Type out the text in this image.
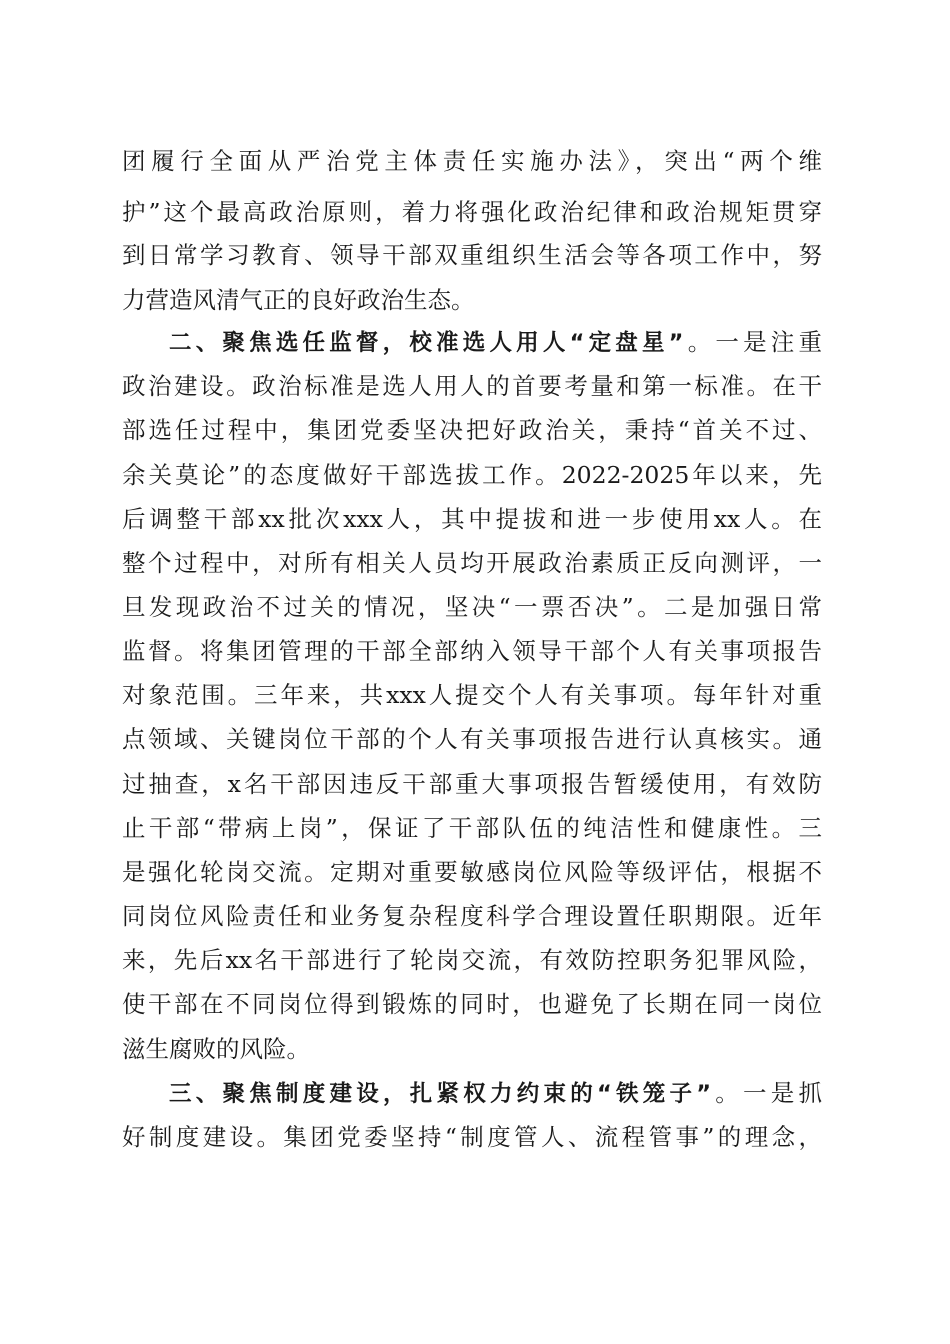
团履行全面从严治党主体责任实施办法》，突出“两个维
护”这个最高政治原则，着力将强化政治纪律和政治规矩贯穿
到日常学习教育、领导干部双重组织生活会等各项工作中，努
力营造风清气正的良好政治生态。
二、聚焦选任监督，校准选人用人“定盘星”。一是注重
政治建设。政治标准是选人用人的首要考量和第一标准。在干
部选任过程中，集团党委坚决把好政治关，秉持“首关不过、
余关莫论”的态度做好干部选拔工作。2022-2025年以来，先
后调整干部xx批次xxx人，其中提拔和进一步使用xx人。在
整个过程中，对所有相关人员均开展政治素质正反向测评，一
旦发现政治不过关的情况，坚决“一票否决”。二是加强日常
监督。将集团管理的干部全部纳入领导干部个人有关事项报告
对象范围。三年来，共xxx人提交个人有关事项。每年针对重
点领域、关键岗位干部的个人有关事项报告进行认真核实。通
过抽查，x名干部因违反干部重大事项报告暂缓使用，有效防
止干部“带病上岗”，保证了干部队伍的纯洁性和健康性。三
是强化轮岗交流。定期对重要敏感岗位风险等级评估，根据不
同岗位风险责任和业务复杂程度科学合理设置任职期限。近年
来，先后xx名干部进行了轮岗交流，有效防控职务犯罪风险，
使干部在不同岗位得到锻炼的同时，也避免了长期在同一岗位
滋生腐败的风险。
三、聚焦制度建设，扎紧权力约束的“铁笼子”。一是抓
好制度建设。集团党委坚持“制度管人、流程管事”的理念，
